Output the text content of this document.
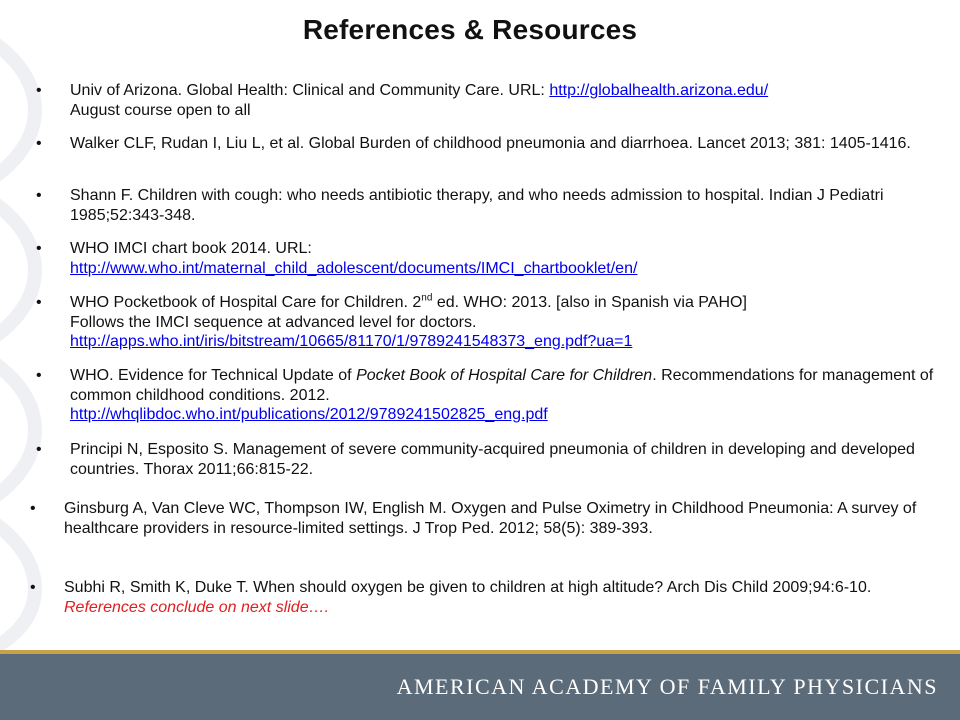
References & Resources
• Univ of Arizona. Global Health: Clinical and Community Care. URL: http://globalhealth.arizona.edu/
August course open to all
• Walker CLF, Rudan I, Liu L, et al. Global Burden of childhood pneumonia and diarrhoea. Lancet 2013; 381: 1405-1416.
• Shann F. Children with cough: who needs antibiotic therapy, and who needs admission to hospital. Indian J Pediatri 1985;52:343-348.
• WHO IMCI chart book 2014. URL:
http://www.who.int/maternal_child_adolescent/documents/IMCI_chartbooklet/en/
• WHO Pocketbook of Hospital Care for Children. 2nd ed. WHO: 2013. [also in Spanish via PAHO]
Follows the IMCI sequence at advanced level for doctors.
http://apps.who.int/iris/bitstream/10665/81170/1/9789241548373_eng.pdf?ua=1
• WHO. Evidence for Technical Update of Pocket Book of Hospital Care for Children. Recommendations for management of common childhood conditions. 2012.
http://whqlibdoc.who.int/publications/2012/9789241502825_eng.pdf
• Principi N, Esposito S. Management of severe community-acquired pneumonia of children in developing and developed countries. Thorax 2011;66:815-22.
• Ginsburg A, Van Cleve WC, Thompson IW, English M. Oxygen and Pulse Oximetry in Childhood Pneumonia: A survey of healthcare providers in resource-limited settings. J Trop Ped. 2012; 58(5): 389-393.
• Subhi R, Smith K, Duke T. When should oxygen be given to children at high altitude? Arch Dis Child 2009;94:6-10. References conclude on next slide….
AMERICAN ACADEMY OF FAMILY PHYSICIANS
